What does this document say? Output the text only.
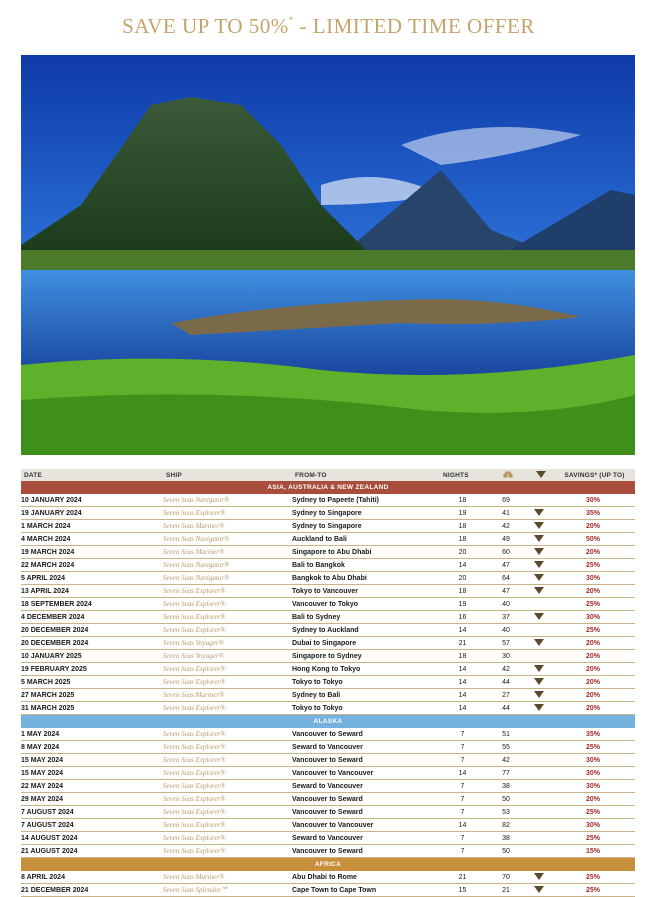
SAVE UP TO 50%* - LIMITED TIME OFFER
DATE	SHIP	FROM-TO	NIGHTS	SAVINGS* (UP TO)
ASIA, AUSTRALIA & NEW ZEALAND
10 JANUARY 2024	Seven Seas Navigator®	Sydney to Papeete (Tahiti)	18	69	30%
19 JANUARY 2024	Seven Seas Explorer®	Sydney to Singapore	19	41	35%
1 MARCH 2024	Seven Seas Mariner®	Sydney to Singapore	18	42	20%
4 MARCH 2024	Seven Seas Navigator®	Auckland to Bali	18	49	50%
19 MARCH 2024	Seven Seas Mariner®	Singapore to Abu Dhabi	20	60	20%
22 MARCH 2024	Seven Seas Navigator®	Bali to Bangkok	14	47	25%
5 APRIL 2024	Seven Seas Navigator®	Bangkok to Abu Dhabi	20	64	30%
13 APRIL 2024	Seven Seas Explorer®	Tokyo to Vancouver	18	47	20%
18 SEPTEMBER 2024	Seven Seas Explorer®	Vancouver to Tokyo	19	40	25%
4 DECEMBER 2024	Seven Seas Explorer®	Bali to Sydney	16	37	30%
20 DECEMBER 2024	Seven Seas Explorer®	Sydney to Auckland	14	40	25%
20 DECEMBER 2024	Seven Seas Voyager®	Dubai to Singapore	21	57	20%
10 JANUARY 2025	Seven Seas Voyager®	Singapore to Sydney	18	30	20%
19 FEBRUARY 2025	Seven Seas Explorer®	Hong Kong to Tokyo	14	42	20%
5 MARCH 2025	Seven Seas Explorer®	Tokyo to Tokyo	14	44	20%
27 MARCH 2025	Seven Seas Mariner®	Sydney to Bali	14	27	20%
31 MARCH 2025	Seven Seas Explorer®	Tokyo to Tokyo	14	44	20%
ALASKA
1 MAY 2024	Seven Seas Explorer®	Vancouver to Seward	7	51	35%
8 MAY 2024	Seven Seas Explorer®	Seward to Vancouver	7	55	25%
15 MAY 2024	Seven Seas Explorer®	Vancouver to Seward	7	42	30%
15 MAY 2024	Seven Seas Explorer®	Vancouver to Vancouver	14	77	30%
22 MAY 2024	Seven Seas Explorer®	Seward to Vancouver	7	38	30%
29 MAY 2024	Seven Seas Explorer®	Vancouver to Seward	7	50	20%
7 AUGUST 2024	Seven Seas Explorer®	Vancouver to Seward	7	53	25%
7 AUGUST 2024	Seven Seas Explorer®	Vancouver to Vancouver	14	82	30%
14 AUGUST 2024	Seven Seas Explorer®	Seward to Vancouver	7	38	25%
21 AUGUST 2024	Seven Seas Explorer®	Vancouver to Seward	7	50	15%
AFRICA
8 APRIL 2024	Seven Seas Mariner®	Abu Dhabi to Rome	21	70	25%
21 DECEMBER 2024	Seven Seas Splendor℠	Cape Town to Cape Town	15	21	25%
